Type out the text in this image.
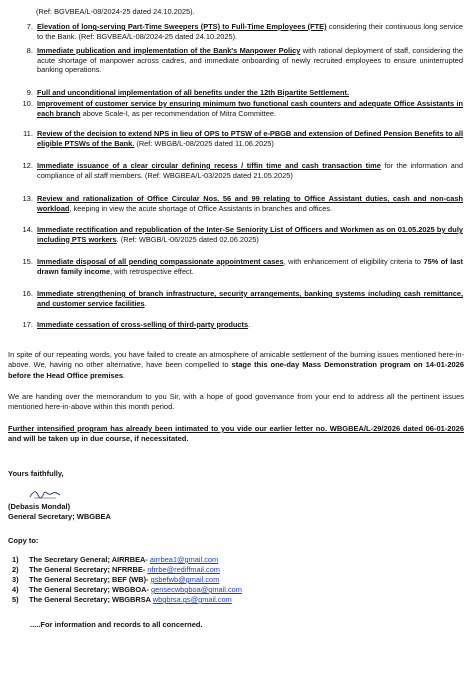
(Ref: BGVBEA/L-08/2024-25 dated 24.10.2025).
7. Elevation of long-serving Part-Time Sweepers (PTS) to Full-Time Employees (FTE) considering their continuous long service to the Bank. (Ref: BGVBEA/L-08/2024-25 dated 24.10.2025).
8. Immediate publication and implementation of the Bank's Manpower Policy with rational deployment of staff, considering the acute shortage of manpower across cadres, and immediate onboarding of newly recruited employees to ensure uninterrupted banking operations.
9. Full and unconditional implementation of all benefits under the 12th Bipartite Settlement.
10. Improvement of customer service by ensuring minimum two functional cash counters and adequate Office Assistants in each branch above Scale-I, as per recommendation of Mitra Committee.
11. Review of the decision to extend NPS in lieu of OPS to PTSW of e-PBGB and extension of Defined Pension Benefits to all eligible PTSWs of the Bank. (Ref: WBGB/L-08/2025 dated 11.06.2025)
12. Immediate issuance of a clear circular defining recess / tiffin time and cash transaction time for the information and compliance of all staff members. (Ref: WBGBEA/L-03/2025 dated 21.05.2025)
13. Review and rationalization of Office Circular Nos. 56 and 99 relating to Office Assistant duties, cash and non-cash workload, keeping in view the acute shortage of Office Assistants in branches and offices.
14. Immediate rectification and republication of the Inter-Se Seniority List of Officers and Workmen as on 01.05.2025 by duly including PTS workers. (Ref: WBGB/L-06/2025 dated 02.06.2025)
15. Immediate disposal of all pending compassionate appointment cases, with enhancement of eligibility criteria to 75% of last drawn family income, with retrospective effect.
16. Immediate strengthening of branch infrastructure, security arrangements, banking systems including cash remittance, and customer service facilities.
17. Immediate cessation of cross-selling of third-party products.
In spite of our repeating words, you have failed to create an atmosphere of amicable settlement of the burning issues mentioned here-in-above. We, having no other alternative, have been compelled to stage this one-day Mass Demonstration program on 14-01-2026 before the Head Office premises.
We are handing over the memorandum to you Sir, with a hope of good governance from your end to address all the pertinent issues mentioned here-in-above within this month period.
Further intensified program has already been intimated to you vide our earlier letter no. WBGBEA/L-29/2026 dated 06-01-2026 and will be taken up in due course, if necessitated.
Yours faithfully,
(Debasis Mondal)
General Secretary; WBGBEA
Copy to:
1) The Secretary General; AIRRBEA- airrbea1@gmail.com
2) The General Secretary; NFRRBE- nfrrbe@rediffmail.com
3) The General Secretary; BEF (WB)- gsbefwb@gmail.com
4) The General Secretary; WBGBOA- gensecwbgboa@gmail.com
5) The General Secretary; WBGBRSA wbgbrsa.gs@gmail.com
.....For information and records to all concerned.
